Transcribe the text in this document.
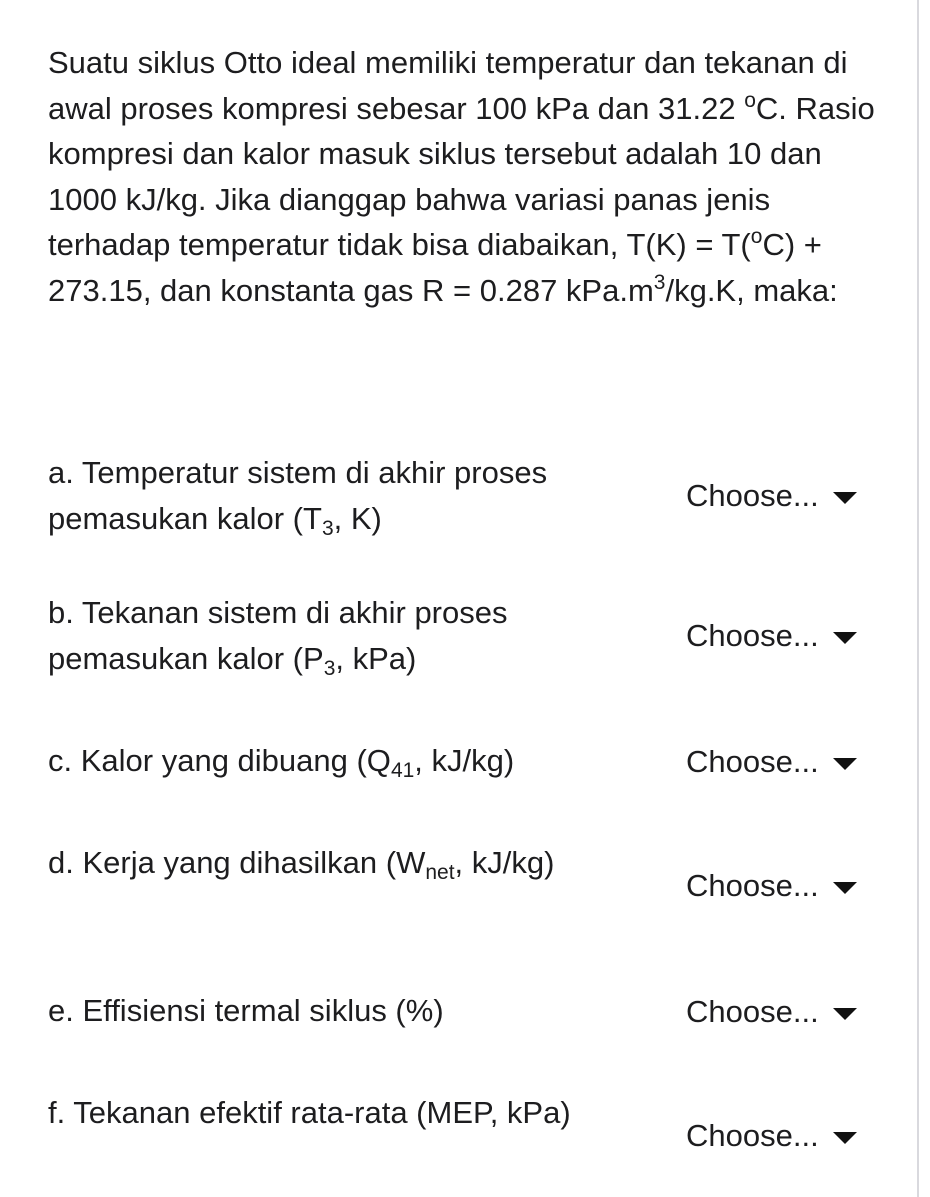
Suatu siklus Otto ideal memiliki temperatur dan tekanan di awal proses kompresi sebesar 100 kPa dan 31.22 $^o$C. Rasio kompresi dan kalor masuk siklus tersebut adalah 10 dan 1000 kJ/kg. Jika dianggap bahwa variasi panas jenis terhadap temperatur tidak bisa diabaikan, T(K) = T($^o$C) + 273.15, dan konstanta gas R = 0.287 $kPa.m^3/kg.K$, maka:

a. Temperatur sistem di akhir proses pemasukan kalor ($T_3$, K)
Choose...
b. Tekanan sistem di akhir proses pemasukan kalor ($P_3$, kPa)
Choose...
c. Kalor yang dibuang ($Q_{41}$, kJ/kg)	Choose...
d. Kerja yang dihasilkan ($W_{net}$, kJ/kg)
Choose...
e. Effisiensi termal siklus (%)	Choose...
f. Tekanan efektif rata-rata (MEP, kPa)
Choose...
